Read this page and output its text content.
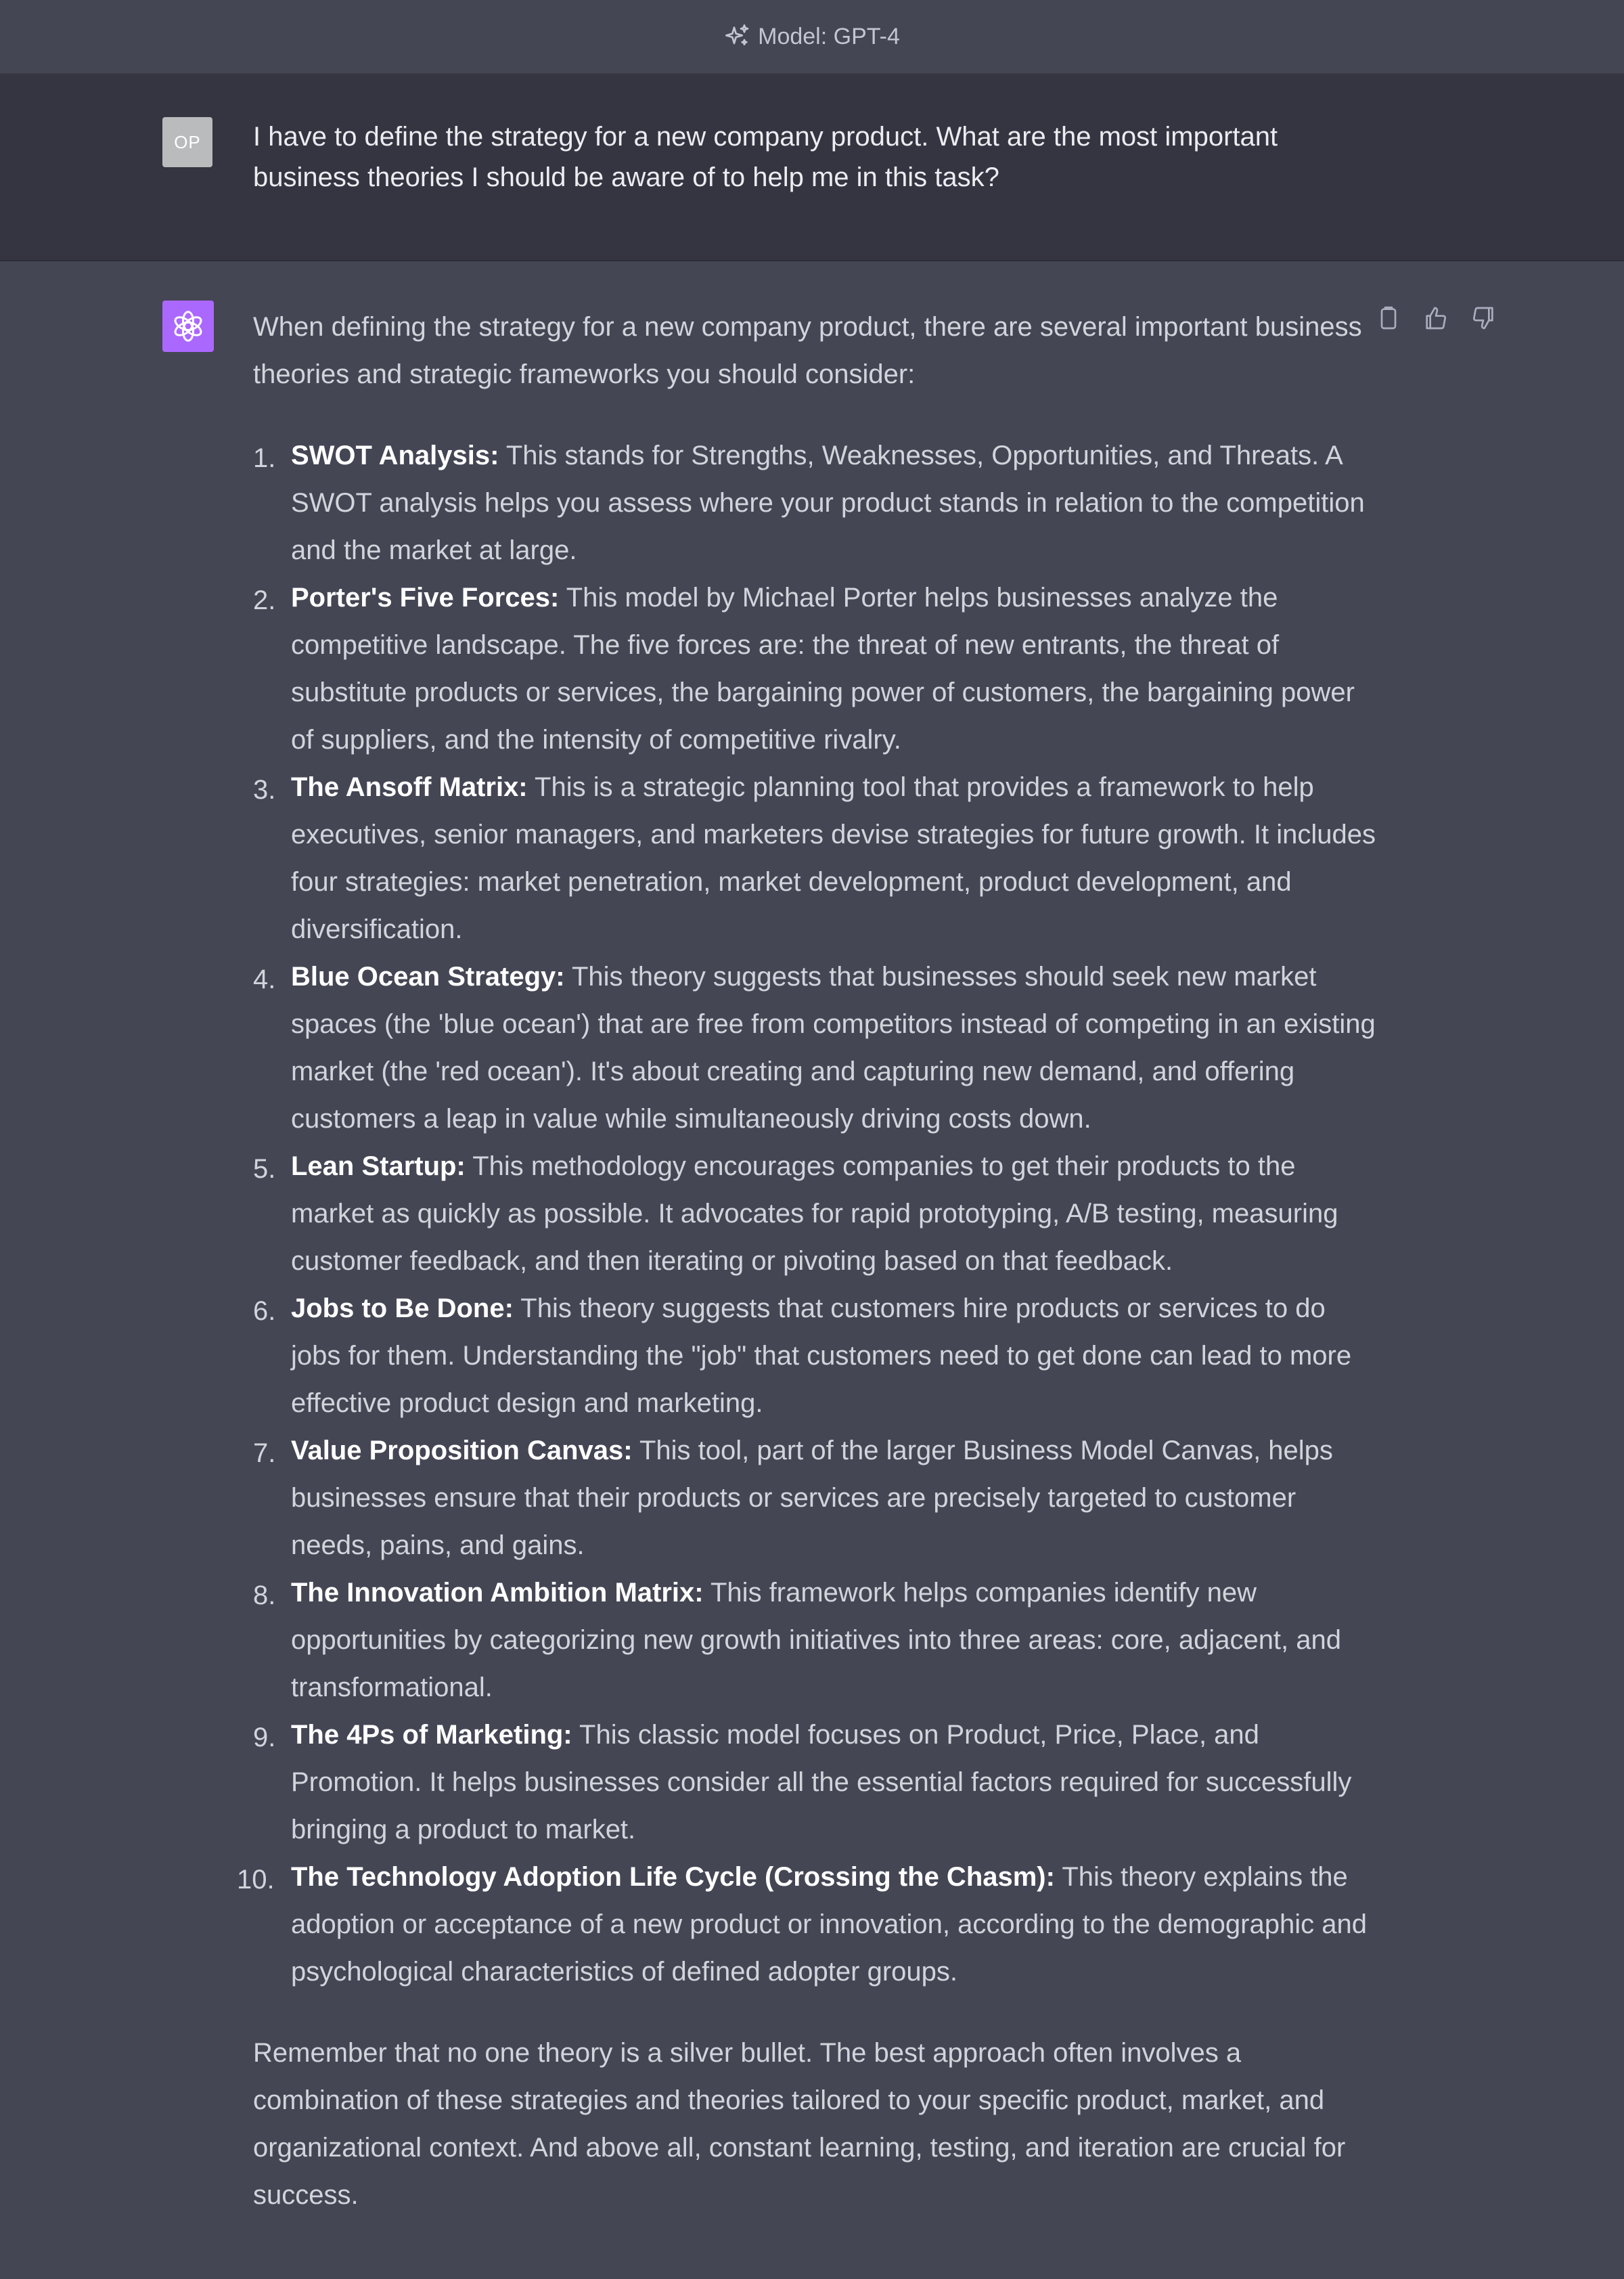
Model: GPT-4
OP I have to define the strategy for a new company product. What are the most important business theories I should be aware of to help me in this task?

When defining the strategy for a new company product, there are several important business theories and strategic frameworks you should consider:

1. SWOT Analysis: This stands for Strengths, Weaknesses, Opportunities, and Threats. A SWOT analysis helps you assess where your product stands in relation to the competition and the market at large.
2. Porter's Five Forces: This model by Michael Porter helps businesses analyze the competitive landscape. The five forces are: the threat of new entrants, the threat of substitute products or services, the bargaining power of customers, the bargaining power of suppliers, and the intensity of competitive rivalry.
3. The Ansoff Matrix: This is a strategic planning tool that provides a framework to help executives, senior managers, and marketers devise strategies for future growth. It includes four strategies: market penetration, market development, product development, and diversification.
4. Blue Ocean Strategy: This theory suggests that businesses should seek new market spaces (the 'blue ocean') that are free from competitors instead of competing in an existing market (the 'red ocean'). It's about creating and capturing new demand, and offering customers a leap in value while simultaneously driving costs down.
5. Lean Startup: This methodology encourages companies to get their products to the market as quickly as possible. It advocates for rapid prototyping, A/B testing, measuring customer feedback, and then iterating or pivoting based on that feedback.
6. Jobs to Be Done: This theory suggests that customers hire products or services to do jobs for them. Understanding the "job" that customers need to get done can lead to more effective product design and marketing.
7. Value Proposition Canvas: This tool, part of the larger Business Model Canvas, helps businesses ensure that their products or services are precisely targeted to customer needs, pains, and gains.
8. The Innovation Ambition Matrix: This framework helps companies identify new opportunities by categorizing new growth initiatives into three areas: core, adjacent, and transformational.
9. The 4Ps of Marketing: This classic model focuses on Product, Price, Place, and Promotion. It helps businesses consider all the essential factors required for successfully bringing a product to market.
10. The Technology Adoption Life Cycle (Crossing the Chasm): This theory explains the adoption or acceptance of a new product or innovation, according to the demographic and psychological characteristics of defined adopter groups.

Remember that no one theory is a silver bullet. The best approach often involves a combination of these strategies and theories tailored to your specific product, market, and organizational context. And above all, constant learning, testing, and iteration are crucial for success.
